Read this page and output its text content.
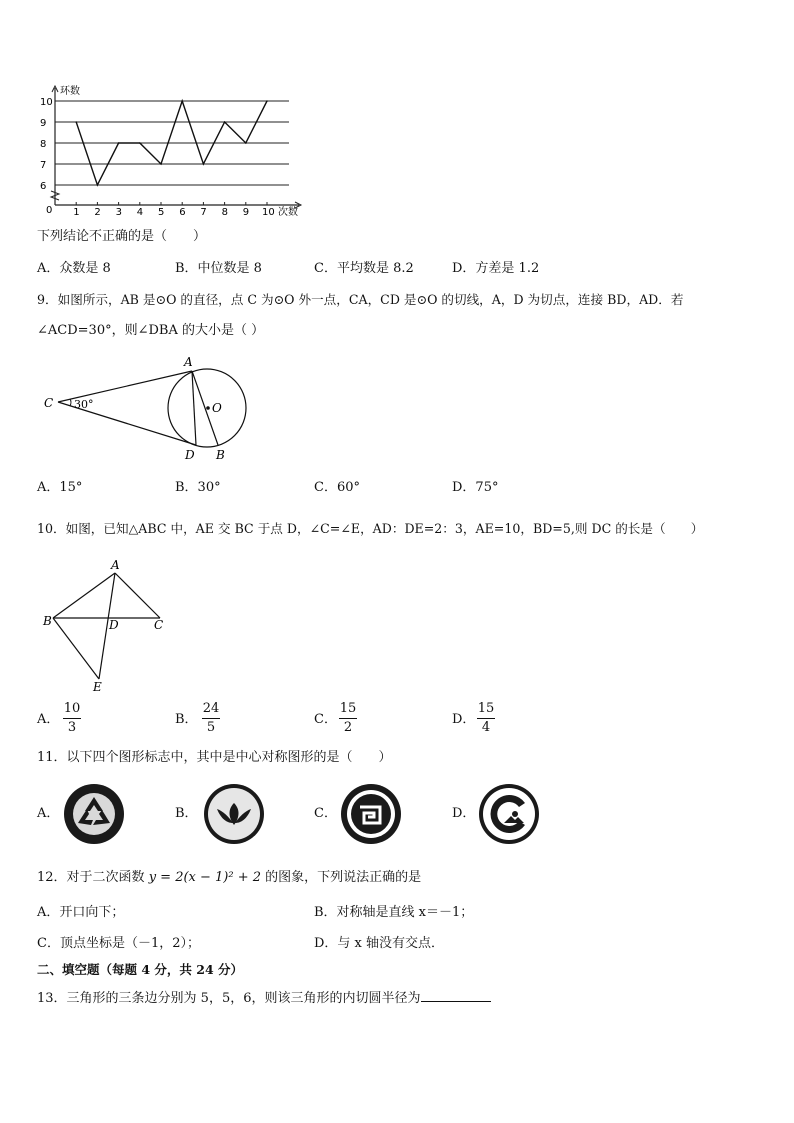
6
7
8
9
10
1 2 3 4 5 6 7 8 9 10
环数
次数
0
下列结论不正确的是（　　）
A．众数是 8	B．中位数是 8	C．平均数是 8.2	D．方差是 1.2
9．如图所示，AB 是⊙O 的直径，点 C 为⊙O 外一点，CA，CD 是⊙O 的切线，A，D 为切点，连接 BD，AD．若
∠ACD=30°，则∠DBA 的大小是（ ）
A
C	O
D B
30°
A．15°	B．30°	C．60°	D．75°
10．如图，已知△ABC 中，AE 交 BC 于点 D，∠C=∠E，AD：DE=2：3，AE=10，BD=5,则 DC 的长是（　　）
A
B	C
D
E
A．
10
3
B．
24
5
C．
15
2
D．
15
4
11．以下四个图形标志中，其中是中心对称图形的是（　　）
A．	B．	C．	D．
12．对于二次函数 y = 2(x − 1)² + 2 的图象，下列说法正确的是
A．开口向下；	B．对称轴是直线 x＝－1；
C．顶点坐标是（－1，2）；	D．与 x 轴没有交点．
二、填空题（每题 4 分，共 24 分）
13．三角形的三条边分别为 5，5，6，则该三角形的内切圆半径为
